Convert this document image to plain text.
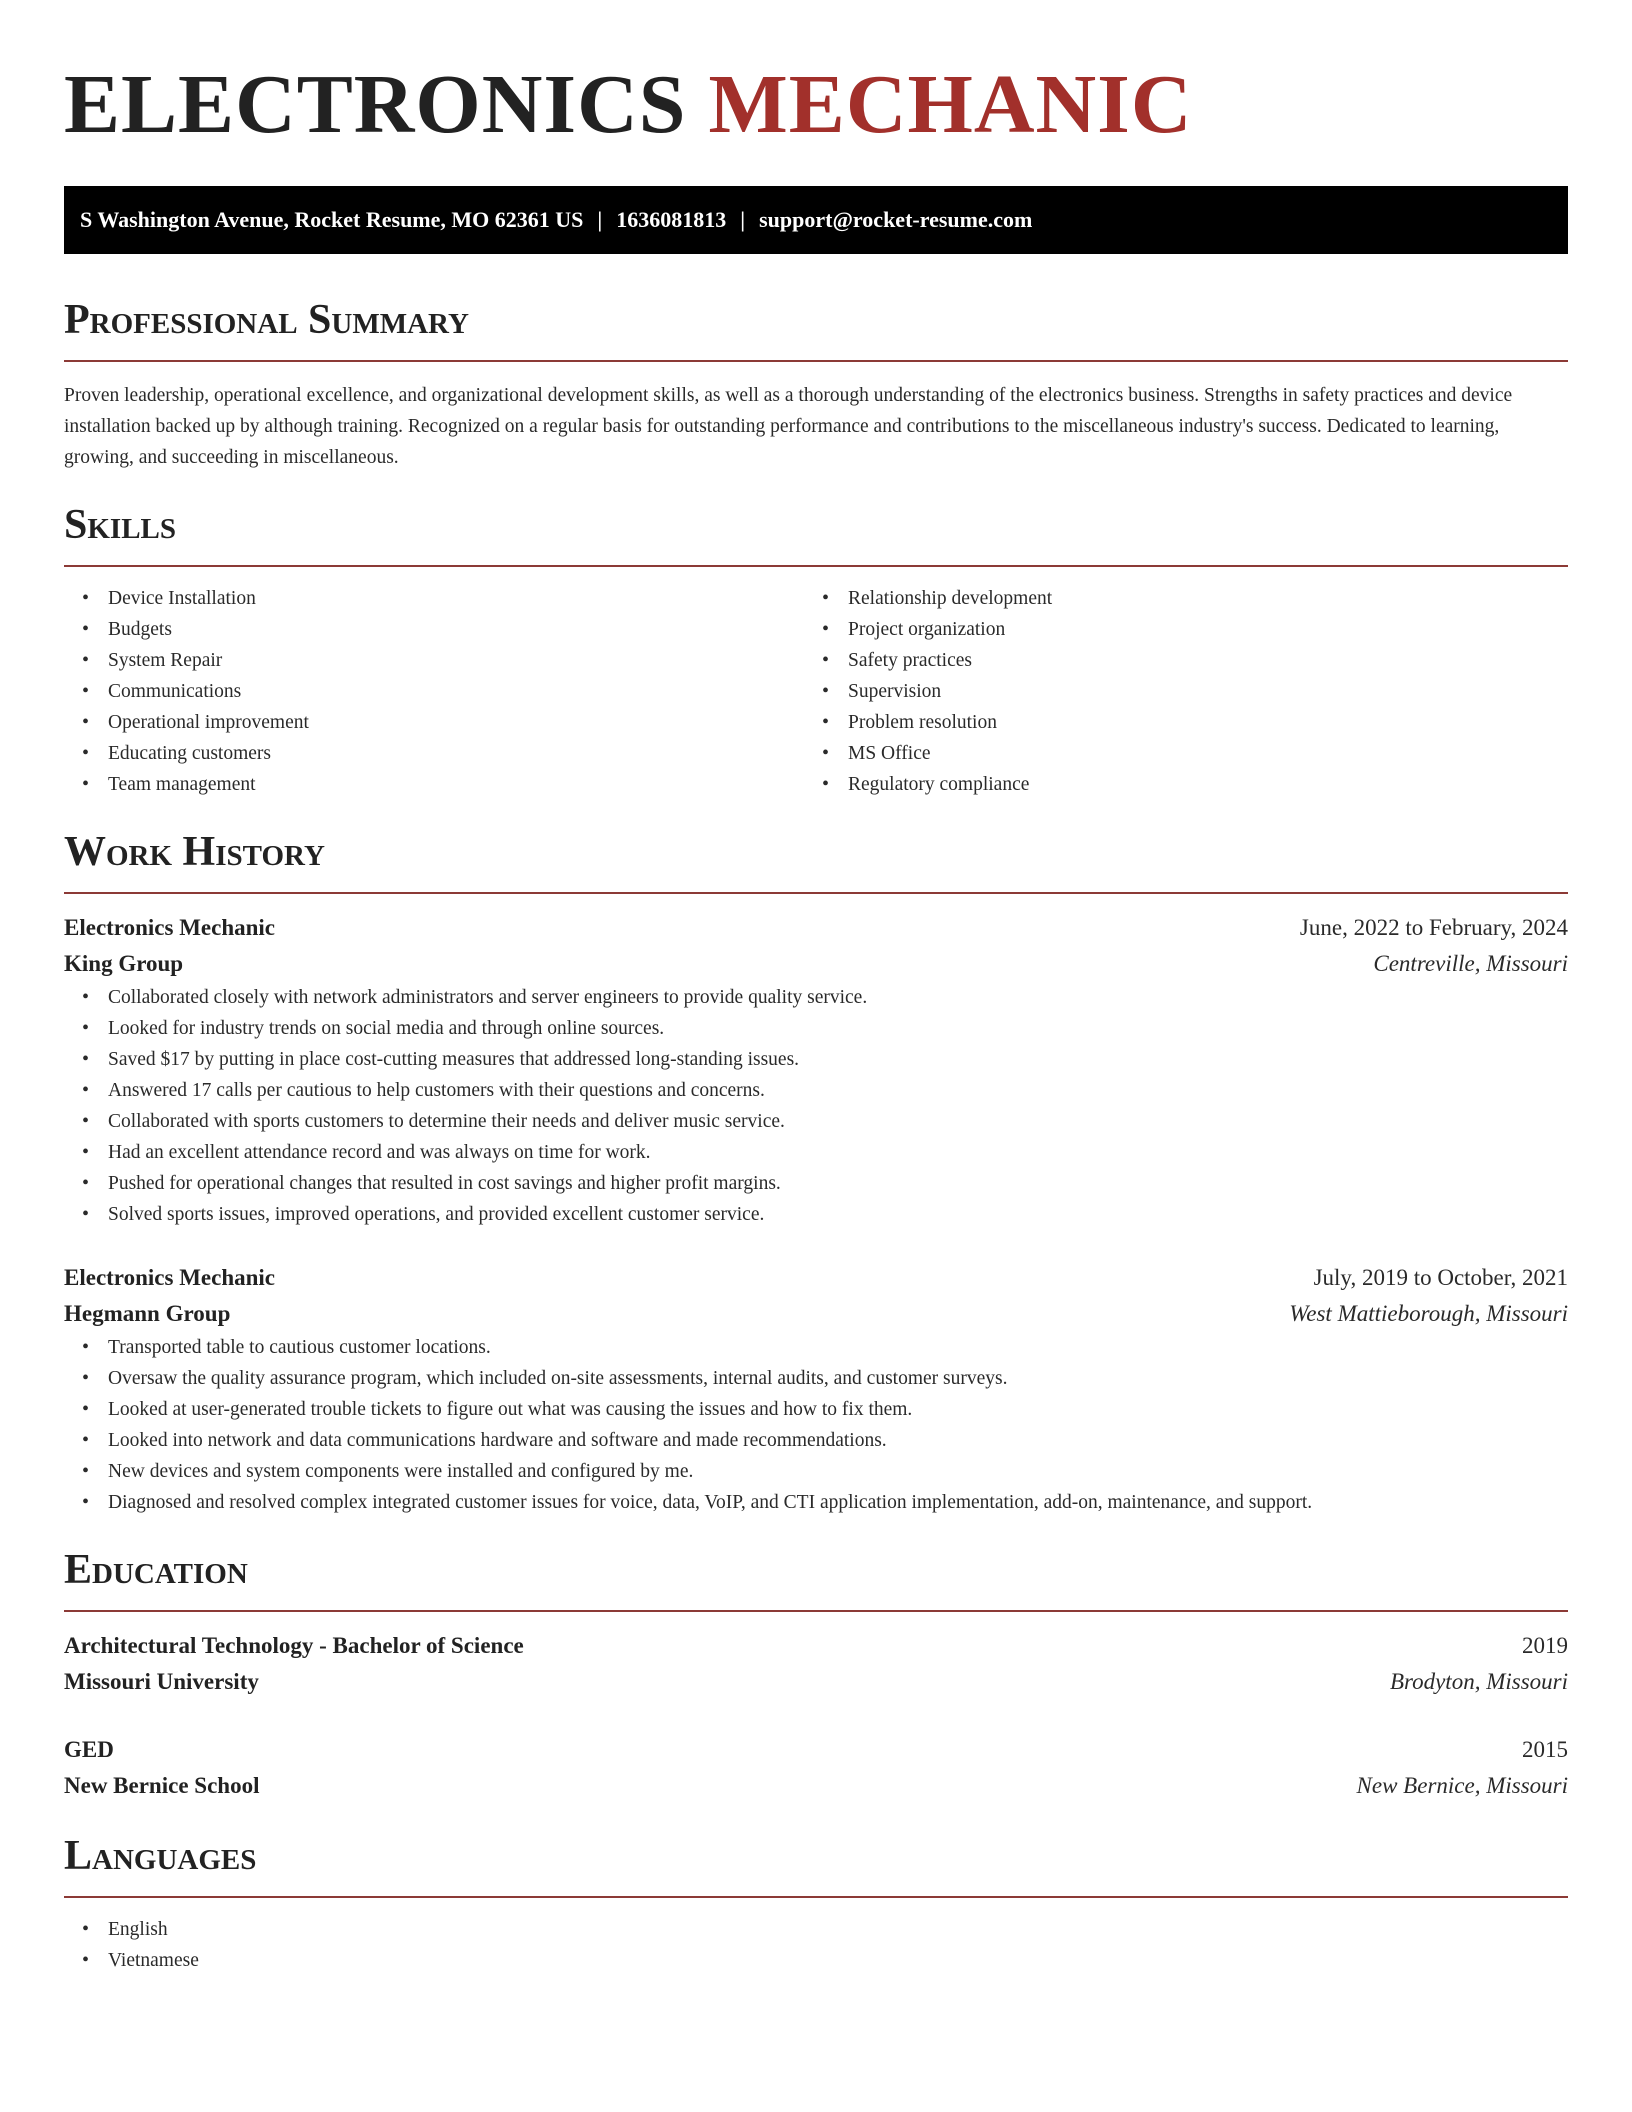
ELECTRONICS MECHANIC
S Washington Avenue, Rocket Resume, MO 62361 US | 1636081813 | support@rocket-resume.com
Professional Summary

Proven leadership, operational excellence, and organizational development skills, as well as a thorough understanding of the electronics business. Strengths in safety practices and device installation backed up by although training. Recognized on a regular basis for outstanding performance and contributions to the miscellaneous industry's success. Dedicated to learning, growing, and succeeding in miscellaneous.

Skills
• Device Installation
• Budgets
• System Repair
• Communications
• Operational improvement
• Educating customers
• Team management
• Relationship development
• Project organization
• Safety practices
• Supervision
• Problem resolution
• MS Office
• Regulatory compliance
Work History
Electronics Mechanic	June, 2022 to February, 2024
King Group	Centreville, Missouri
• Collaborated closely with network administrators and server engineers to provide quality service.
• Looked for industry trends on social media and through online sources.
• Saved $17 by putting in place cost-cutting measures that addressed long-standing issues.
• Answered 17 calls per cautious to help customers with their questions and concerns.
• Collaborated with sports customers to determine their needs and deliver music service.
• Had an excellent attendance record and was always on time for work.
• Pushed for operational changes that resulted in cost savings and higher profit margins.
• Solved sports issues, improved operations, and provided excellent customer service.
Electronics Mechanic	July, 2019 to October, 2021
Hegmann Group	West Mattieborough, Missouri
• Transported table to cautious customer locations.
• Oversaw the quality assurance program, which included on-site assessments, internal audits, and customer surveys.
• Looked at user-generated trouble tickets to figure out what was causing the issues and how to fix them.
• Looked into network and data communications hardware and software and made recommendations.
• New devices and system components were installed and configured by me.
• Diagnosed and resolved complex integrated customer issues for voice, data, VoIP, and CTI application implementation, add-on, maintenance, and support.
Education
Architectural Technology - Bachelor of Science	2019
Missouri University	Brodyton, Missouri
GED	2015
New Bernice School	New Bernice, Missouri
Languages
• English
• Vietnamese
